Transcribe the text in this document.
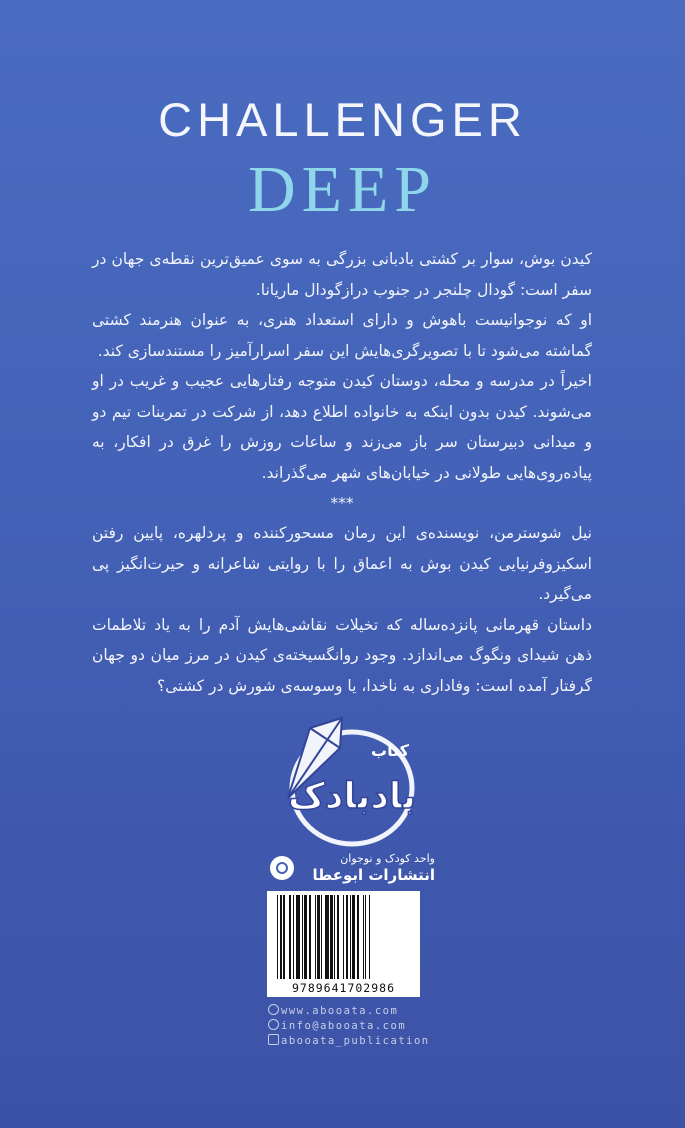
CHALLENGER
DEEP

کیدن بوش، سوار بر کشتی بادبانی بزرگی به سوی عمیق‌ترین نقطه‌ی جهان در سفر است: گودال چلنجر در جنوب درازگودال ماریانا.

او که نوجوانیست باهوش و دارای استعداد هنری، به عنوان هنرمند کشتی گماشته می‌شود تا با تصویرگری‌هایش این سفر اسرارآمیز را مستندسازی کند.

اخیراً در مدرسه و محله، دوستان کیدن متوجه رفتارهایی عجیب و غریب در او می‌شوند. کیدن بدون اینکه به خانواده اطلاع دهد، از شرکت در تمرینات تیم دو و میدانی دبیرستان سر باز می‌زند و ساعات روزش را غرق در افکار، به پیاده‌روی‌هایی طولانی در خیابان‌های شهر می‌گذراند.

***

نیل شوسترمن، نویسنده‌ی این رمان مسحورکننده و پردلهره، پایین رفتن اسکیزوفرنیایی کیدن بوش به اعماق را با روایتی شاعرانه و حیرت‌انگیز پی می‌گیرد.

داستان قهرمانی پانزده‌ساله که تخیلات نقاشی‌هایش آدم را به یاد تلاطمات ذهن شیدای ونگوگ می‌اندازد. وجود روانگسیخته‌ی کیدن در مرز میان دو جهان گرفتار آمده است: وفاداری به ناخدا، یا وسوسه‌ی شورش در کشتی؟

کتاب
بادبادک
واحد کودک و نوجوان
انتشارات ابوعطا
9789641702986
www.abooata.com
info@abooata.com
abooata_publication
